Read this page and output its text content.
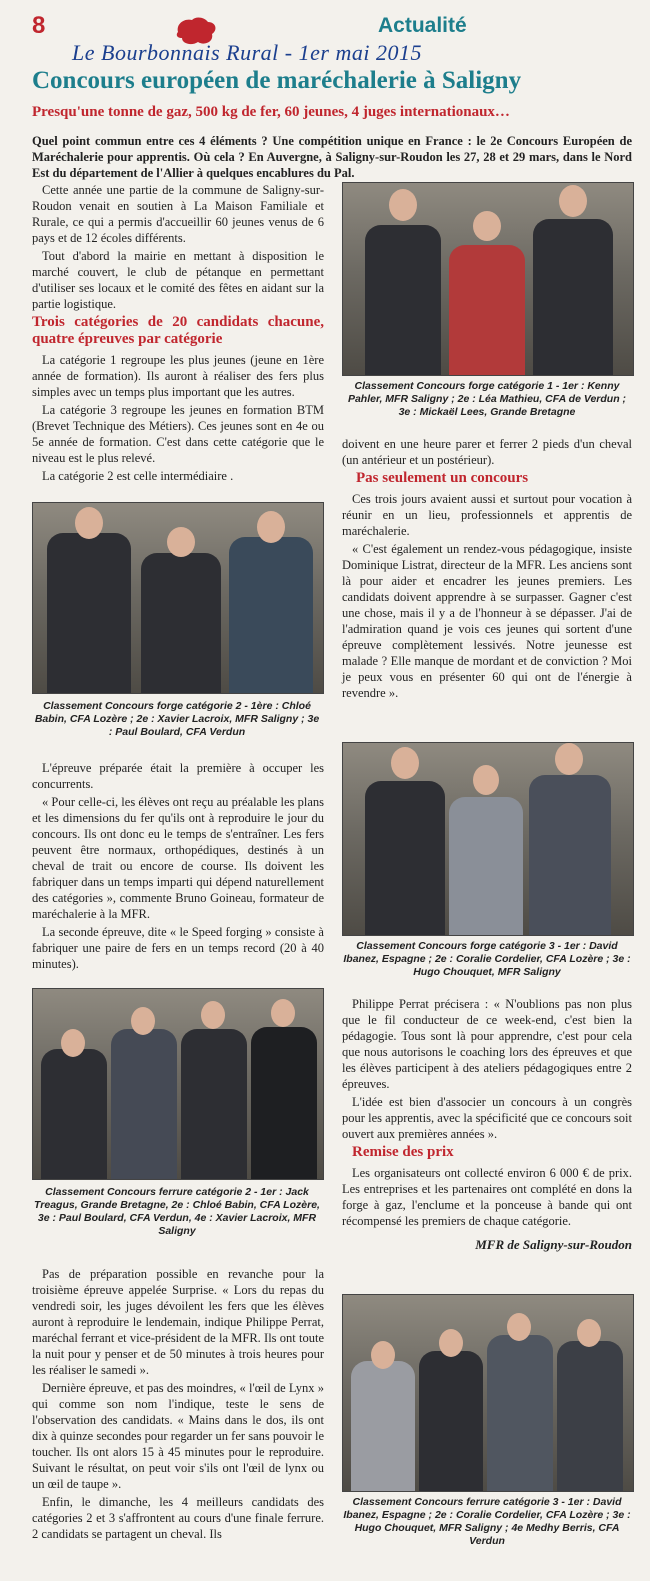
8	Actualité
Le Bourbonnais Rural - 1er mai 2015
Concours européen de maréchalerie à Saligny
Presqu'une tonne de gaz, 500 kg de fer, 60 jeunes, 4 juges internationaux…
Quel point commun entre ces 4 éléments ? Une compétition unique en France : le 2e Concours Européen de Maréchalerie pour apprentis. Où cela ? En Auvergne, à Saligny-sur-Roudon les 27, 28 et 29 mars, dans le Nord Est du département de l'Allier à quelques encablures du Pal.

Cette année une partie de la commune de Saligny-sur-Roudon venait en soutien à La Maison Familiale et Rurale, ce qui a permis d'accueillir 60 jeunes venus de 6 pays et de 12 écoles différents.

Tout d'abord la mairie en mettant à disposition le marché couvert, le club de pétanque en permettant d'utiliser ses locaux et le comité des fêtes en aidant sur la partie logistique.

Trois catégories de 20 candidats chacune, quatre épreuves par catégorie

La catégorie 1 regroupe les plus jeunes (jeune en 1ère année de formation). Ils auront à réaliser des fers plus simples avec un temps plus important que les autres.

La catégorie 3 regroupe les jeunes en formation BTM (Brevet Technique des Métiers). Ces jeunes sont en 4e ou 5e année de formation. C'est dans cette catégorie que le niveau est le plus relevé.

La catégorie 2 est celle intermédiaire .

Classement Concours forge catégorie 1 - 1er : Kenny Pahler, MFR Saligny ; 2e : Léa Mathieu, CFA de Verdun ; 3e : Mickaël Lees, Grande Bretagne

doivent en une heure parer et ferrer 2 pieds d'un cheval (un antérieur et un postérieur).

Pas seulement un concours

Ces trois jours avaient aussi et surtout pour vocation à réunir en un lieu, professionnels et apprentis de maréchalerie.

« C'est également un rendez-vous pédagogique, insiste Dominique Listrat, directeur de la MFR. Les anciens sont là pour aider et encadrer les jeunes premiers. Les candidats doivent apprendre à se surpasser. Gagner c'est une chose, mais il y a de l'honneur à se dépasser. J'ai de l'admiration quand je vois ces jeunes qui sortent d'une épreuve complètement lessivés. Notre jeunesse est malade ? Elle manque de mordant et de conviction ? Moi je peux vous en présenter 60 qui ont de l'énergie à revendre ».

Classement Concours forge catégorie 2 - 1ère : Chloé Babin, CFA Lozère ; 2e : Xavier Lacroix, MFR Saligny ; 3e : Paul Boulard, CFA Verdun

L'épreuve préparée était la première à occuper les concurrents.

« Pour celle-ci, les élèves ont reçu au préalable les plans et les dimensions du fer qu'ils ont à reproduire le jour du concours. Ils ont donc eu le temps de s'entraîner. Les fers peuvent être normaux, orthopédiques, destinés à un cheval de trait ou encore de course. Ils doivent les fabriquer dans un temps imparti qui dépend naturellement des catégories », commente Bruno Goineau, formateur de maréchalerie à la MFR.

La seconde épreuve, dite « le Speed forging » consiste à fabriquer une paire de fers en un temps record (20 à 40 minutes).

Classement Concours forge catégorie 3 - 1er : David Ibanez, Espagne ; 2e : Coralie Cordelier, CFA Lozère ; 3e : Hugo Chouquet, MFR Saligny

Philippe Perrat précisera : « N'oublions pas non plus que le fil conducteur de ce week-end, c'est bien la pédagogie. Tous sont là pour apprendre, c'est pour cela que nous autorisons le coaching lors des épreuves et que les élèves participent à des ateliers pédagogiques entre 2 épreuves.

L'idée est bien d'associer un concours à un congrès pour les apprentis, avec la spécificité que ce concours soit ouvert aux premières années ».

Remise des prix

Les organisateurs ont collecté environ 6 000 € de prix. Les entreprises et les partenaires ont complété en dons la forge à gaz, l'enclume et la ponceuse à bande qui ont récompensé les premiers de chaque catégorie.

MFR de Saligny-sur-Roudon
Classement Concours ferrure catégorie 2 - 1er : Jack Treagus, Grande Bretagne, 2e : Chloé Babin, CFA Lozère, 3e : Paul Boulard, CFA Verdun, 4e : Xavier Lacroix, MFR Saligny

Pas de préparation possible en revanche pour la troisième épreuve appelée Surprise. « Lors du repas du vendredi soir, les juges dévoilent les fers que les élèves auront à reproduire le lendemain, indique Philippe Perrat, maréchal ferrant et vice-président de la MFR. Ils ont toute la nuit pour y penser et de 50 minutes à trois heures pour les réaliser le samedi ».

Dernière épreuve, et pas des moindres, « l'œil de Lynx » qui comme son nom l'indique, teste le sens de l'observation des candidats. « Mains dans le dos, ils ont dix à quinze secondes pour regarder un fer sans pouvoir le toucher. Ils ont alors 15 à 45 minutes pour le reproduire. Suivant le résultat, on peut voir s'ils ont l'œil de lynx ou un œil de taupe ».

Enfin, le dimanche, les 4 meilleurs candidats des catégories 2 et 3 s'affrontent au cours d'une finale ferrure. 2 candidats se partagent un cheval. Ils

Classement Concours ferrure catégorie 3 - 1er : David Ibanez, Espagne ; 2e : Coralie Cordelier, CFA Lozère ; 3e : Hugo Chouquet, MFR Saligny ; 4e Medhy Berris, CFA Verdun
